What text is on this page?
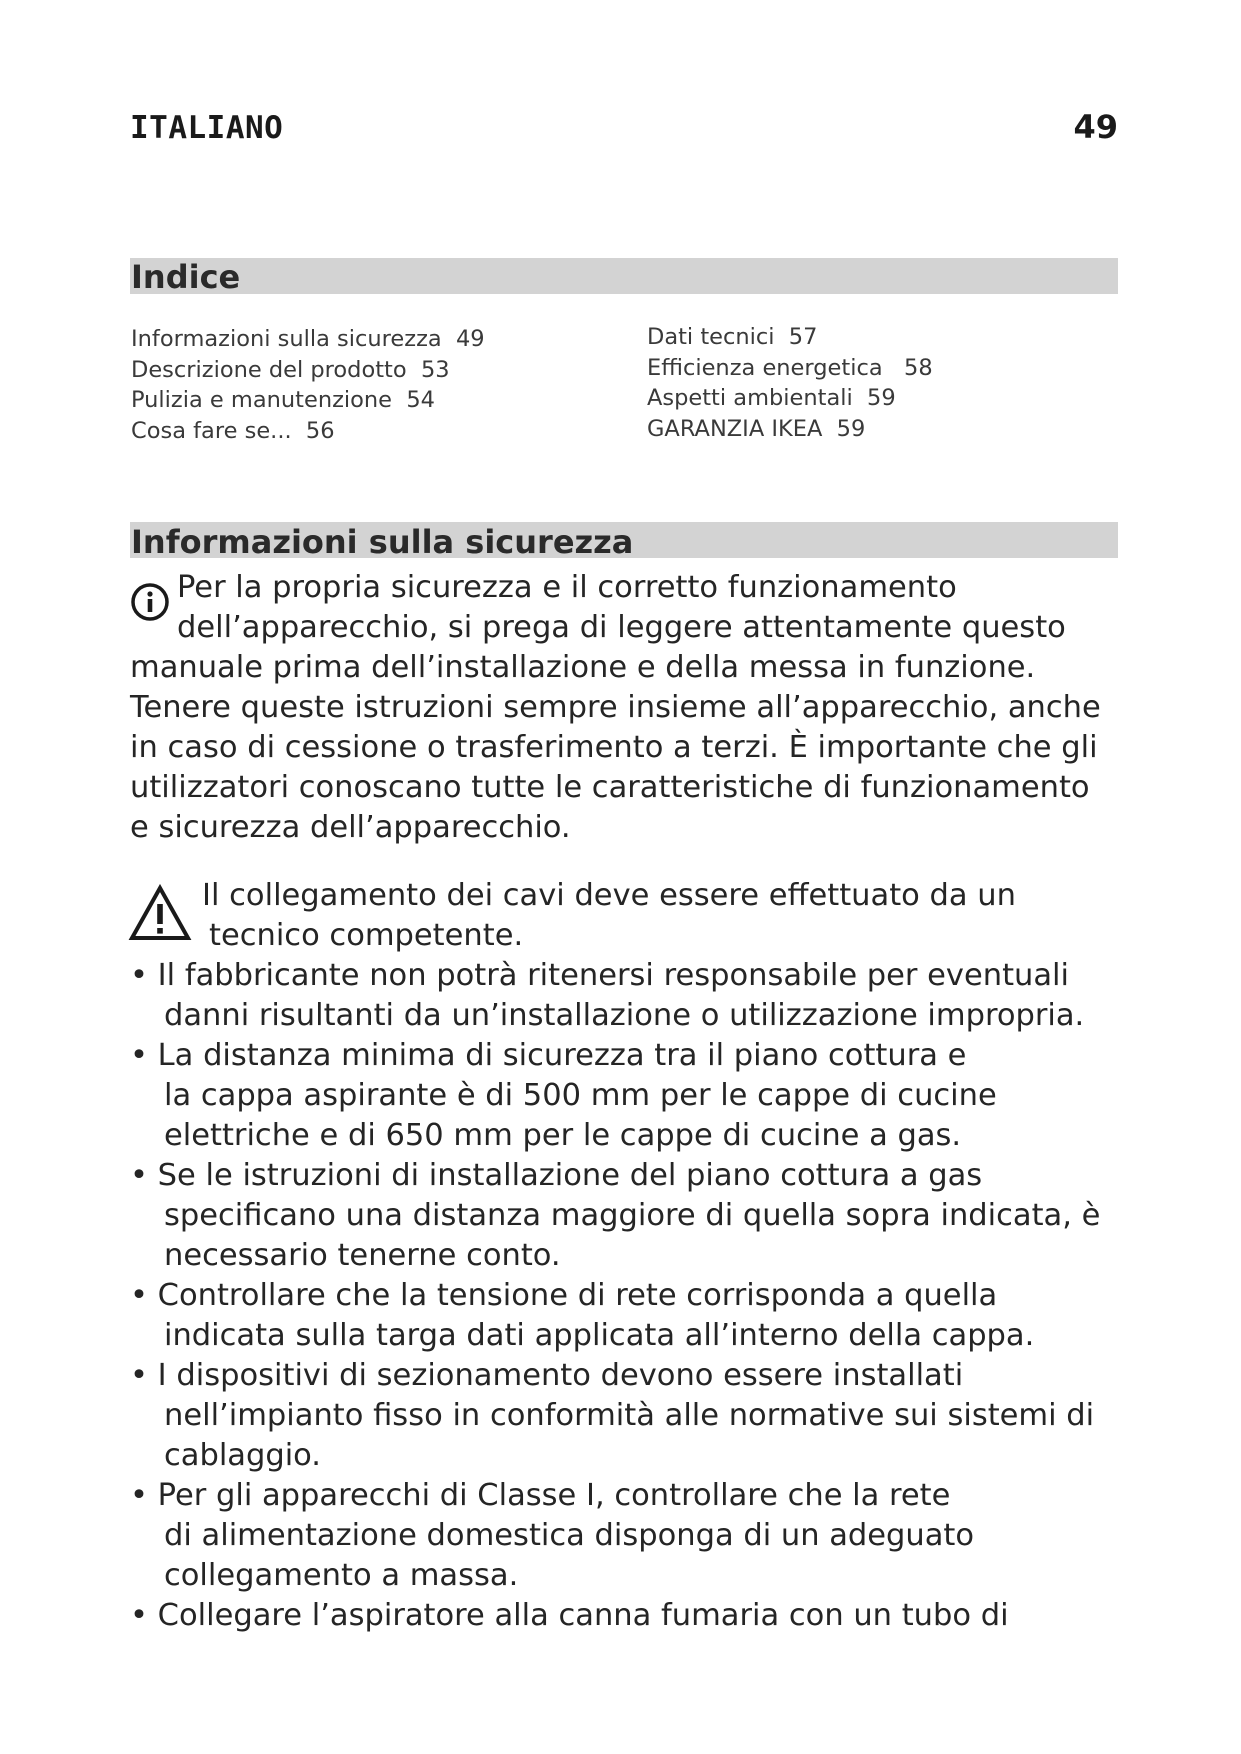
ITALIANO	49
Indice
Informazioni sulla sicurezza  49
Descrizione del prodotto  53
Pulizia e manutenzione  54
Cosa fare se...  56
Dati tecnici  57
Efficienza energetica   58
Aspetti ambientali  59
GARANZIA IKEA  59
Informazioni sulla sicurezza
Per la propria sicurezza e il corretto funzionamento
dell’apparecchio, si prega di leggere attentamente questo
manuale prima dell’installazione e della messa in funzione.
Tenere queste istruzioni sempre insieme all’apparecchio, anche
in caso di cessione o trasferimento a terzi. È importante che gli
utilizzatori conoscano tutte le caratteristiche di funzionamento
e sicurezza dell’apparecchio.
Il collegamento dei cavi deve essere effettuato da un
tecnico competente.
• Il fabbricante non potrà ritenersi responsabile per eventuali
danni risultanti da un’installazione o utilizzazione impropria.
• La distanza minima di sicurezza tra il piano cottura e
la cappa aspirante è di 500 mm per le cappe di cucine
elettriche e di 650 mm per le cappe di cucine a gas.
• Se le istruzioni di installazione del piano cottura a gas
specificano una distanza maggiore di quella sopra indicata, è
necessario tenerne conto.
• Controllare che la tensione di rete corrisponda a quella
indicata sulla targa dati applicata all’interno della cappa.
• I dispositivi di sezionamento devono essere installati
nell’impianto fisso in conformità alle normative sui sistemi di
cablaggio.
• Per gli apparecchi di Classe I, controllare che la rete
di alimentazione domestica disponga di un adeguato
collegamento a massa.
• Collegare l’aspiratore alla canna fumaria con un tubo di
